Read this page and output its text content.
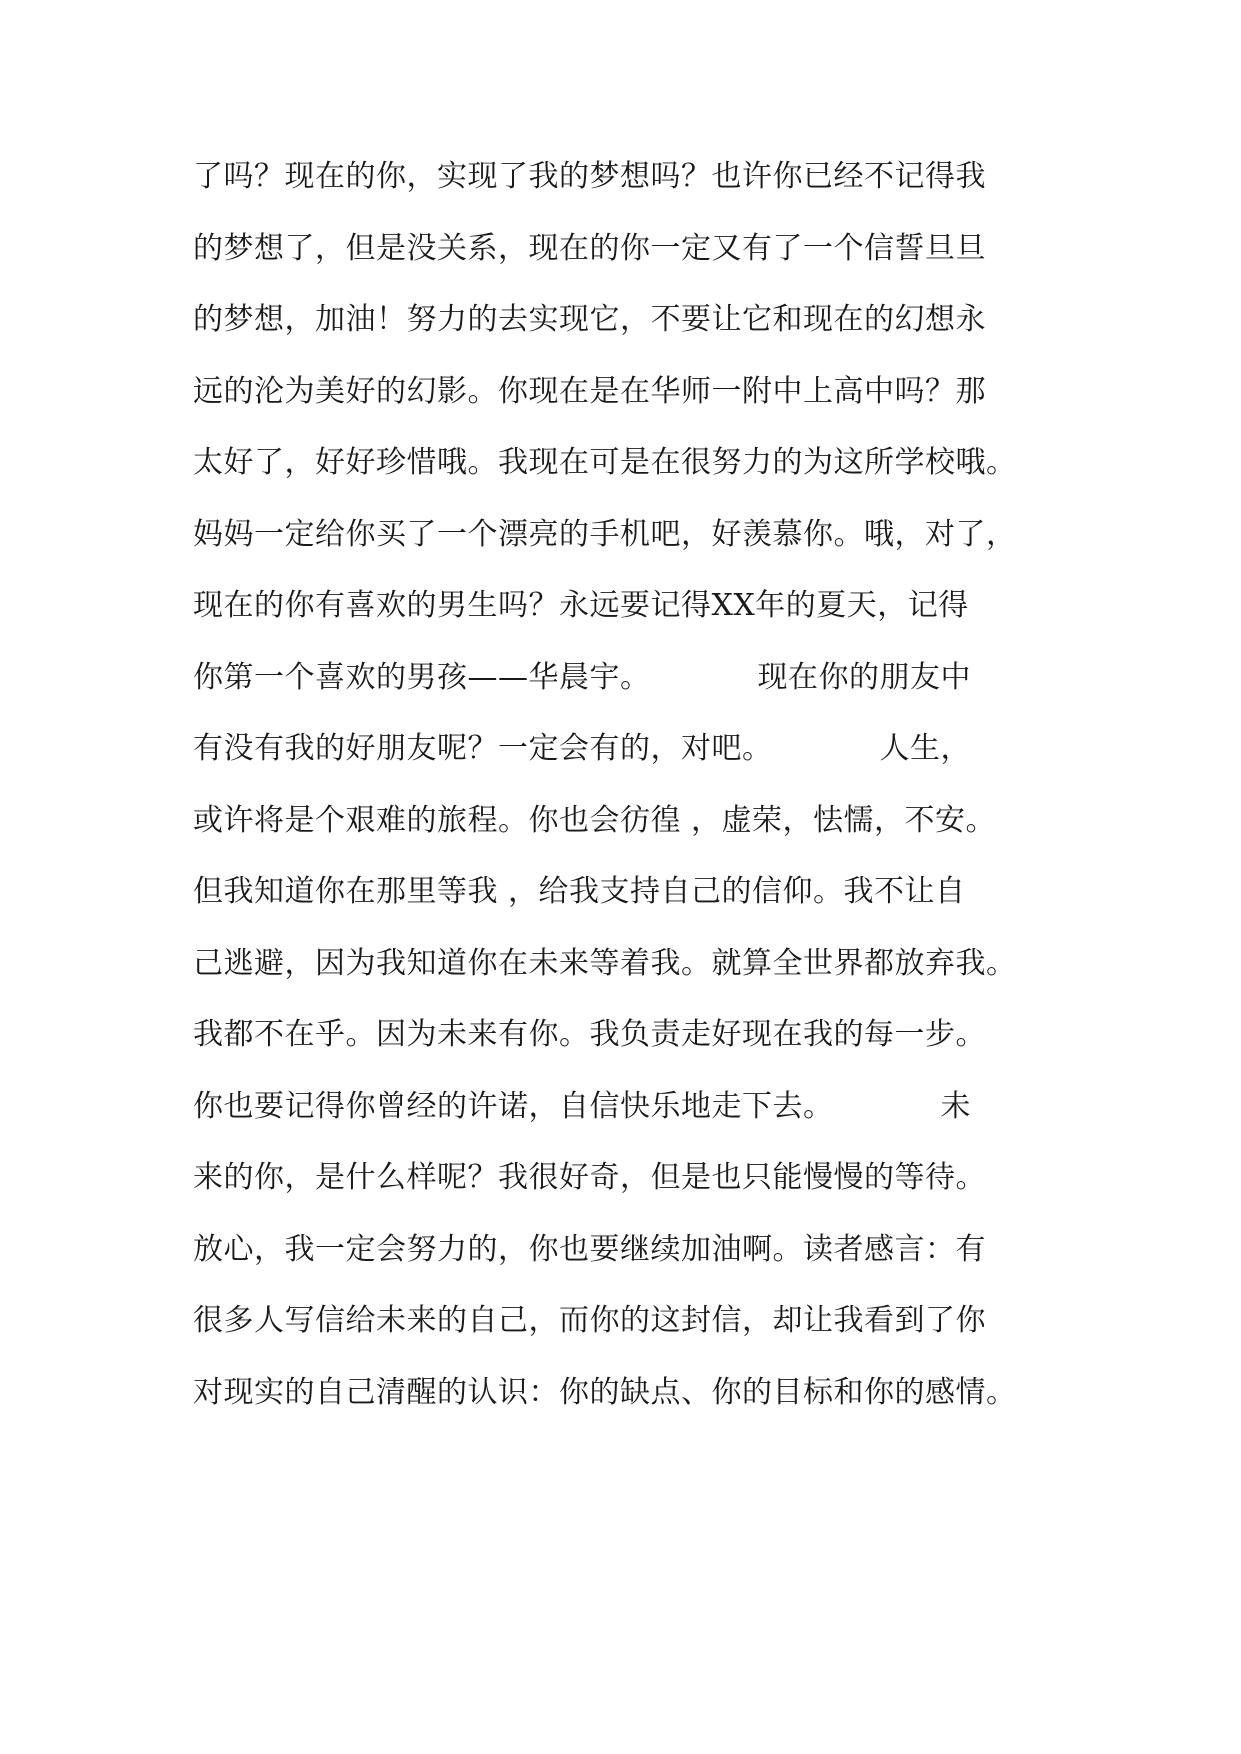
了吗？现在的你，实现了我的梦想吗？也许你已经不记得我
的梦想了，但是没关系，现在的你一定又有了一个信誓旦旦
的梦想，加油！努力的去实现它，不要让它和现在的幻想永
远的沦为美好的幻影。你现在是在华师一附中上高中吗？那
太好了，好好珍惜哦。我现在可是在很努力的为这所学校哦。
妈妈一定给你买了一个漂亮的手机吧，好羡慕你。哦，对了，
现在的你有喜欢的男生吗？永远要记得XX年的夏天，记得
你第一个喜欢的男孩——华晨宇。　　　　现在你的朋友中
有没有我的好朋友呢？一定会有的，对吧。　　　　人生，
或许将是个艰难的旅程。你也会彷徨 ，虚荣，怯懦，不安。
但我知道你在那里等我 ，给我支持自己的信仰。我不让自
己逃避，因为我知道你在未来等着我。就算全世界都放弃我。
我都不在乎。因为未来有你。我负责走好现在我的每一步。
你也要记得你曾经的许诺，自信快乐地走下去。　　　　未
来的你，是什么样呢？我很好奇，但是也只能慢慢的等待。
放心，我一定会努力的，你也要继续加油啊。读者感言：有
很多人写信给未来的自己，而你的这封信，却让我看到了你
对现实的自己清醒的认识：你的缺点、你的目标和你的感情。
